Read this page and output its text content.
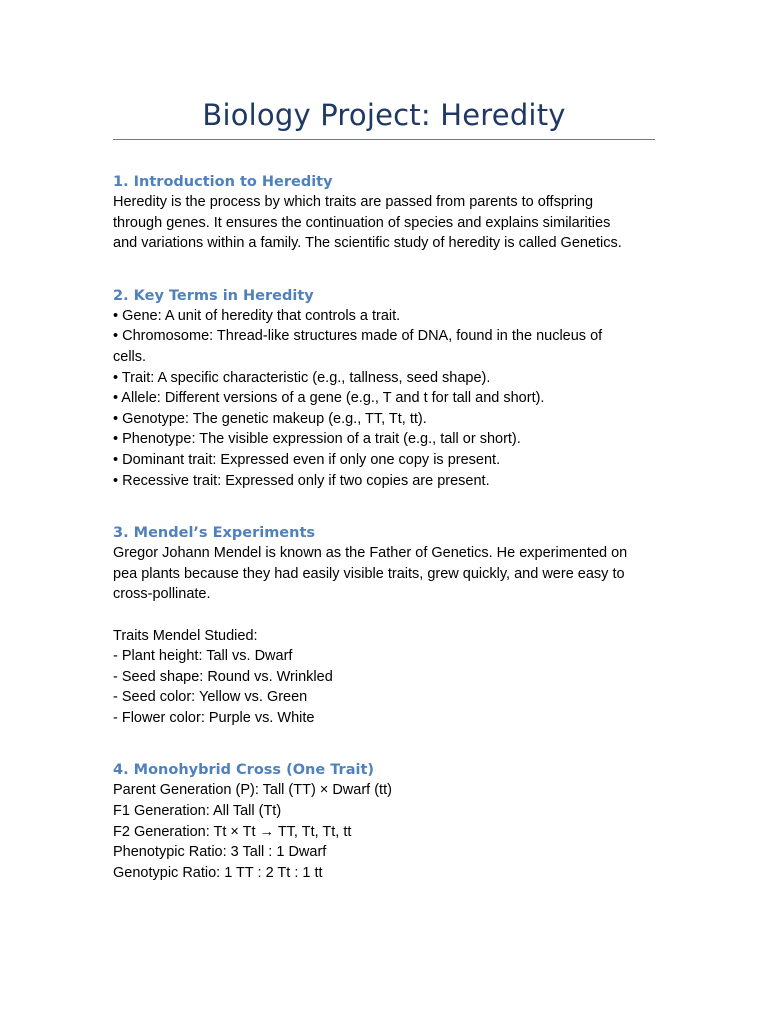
Biology Project: Heredity
1. Introduction to Heredity
Heredity is the process by which traits are passed from parents to offspring
through genes. It ensures the continuation of species and explains similarities
and variations within a family. The scientific study of heredity is called Genetics.
2. Key Terms in Heredity
• Gene: A unit of heredity that controls a trait.
• Chromosome: Thread-like structures made of DNA, found in the nucleus of
cells.
• Trait: A specific characteristic (e.g., tallness, seed shape).
• Allele: Different versions of a gene (e.g., T and t for tall and short).
• Genotype: The genetic makeup (e.g., TT, Tt, tt).
• Phenotype: The visible expression of a trait (e.g., tall or short).
• Dominant trait: Expressed even if only one copy is present.
• Recessive trait: Expressed only if two copies are present.
3. Mendel’s Experiments
Gregor Johann Mendel is known as the Father of Genetics. He experimented on
pea plants because they had easily visible traits, grew quickly, and were easy to
cross-pollinate.
Traits Mendel Studied:
- Plant height: Tall vs. Dwarf
- Seed shape: Round vs. Wrinkled
- Seed color: Yellow vs. Green
- Flower color: Purple vs. White
4. Monohybrid Cross (One Trait)
Parent Generation (P): Tall (TT) × Dwarf (tt)
F1 Generation: All Tall (Tt)
F2 Generation: Tt × Tt → TT, Tt, Tt, tt
Phenotypic Ratio: 3 Tall : 1 Dwarf
Genotypic Ratio: 1 TT : 2 Tt : 1 tt
